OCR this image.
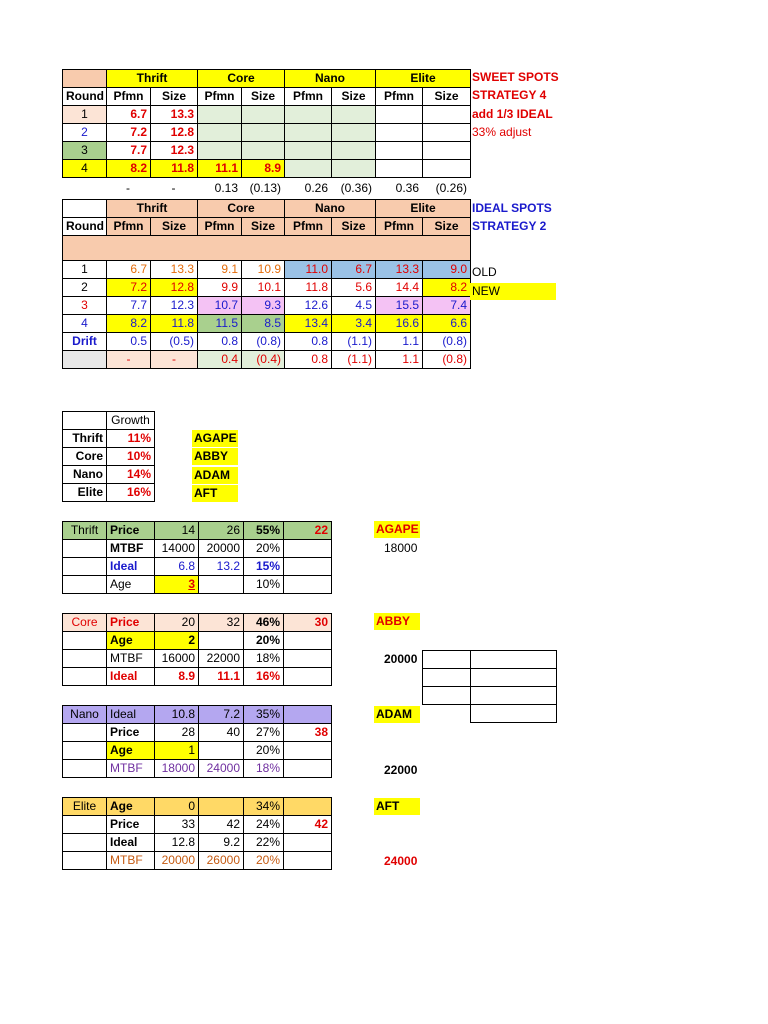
	Thrift		Core		Nano		Elite	
Round	Pfmn	Size	Pfmn	Size	Pfmn	Size	Pfmn	Size
1	6.7	13.3						
2	7.2	12.8						
3	7.7	12.3						
4	8.2	11.8	11.1	8.9				
	-	-	0.13	(0.13)	0.26	(0.36)	0.36	(0.26)
SWEET SPOTS
STRATEGY 4
add 1/3 IDEAL
33% adjust
	Thrift		Core		Nano		Elite	
Round	Pfmn	Size	Pfmn	Size	Pfmn	Size	Pfmn	Size

1	6.7	13.3	9.1	10.9	11.0	6.7	13.3	9.0
2	7.2	12.8	9.9	10.1	11.8	5.6	14.4	8.2
3	7.7	12.3	10.7	9.3	12.6	4.5	15.5	7.4
4	8.2	11.8	11.5	8.5	13.4	3.4	16.6	6.6
Drift	0.5	(0.5)	0.8	(0.8)	0.8	(1.1)	1.1	(0.8)
	-	-	0.4	(0.4)	0.8	(1.1)	1.1	(0.8)
IDEAL SPOTS
STRATEGY 2
OLD
NEW
	Growth
Thrift	11%
Core	10%
Nano	14%
Elite	16%
AGAPE
ABBY
ADAM
AFT
Thrift	Price	14	26	55%	22
	MTBF	14000	20000	20%	
	Ideal	6.8	13.2	15%	
	Age	3		10%	
AGAPE
18000
Core	Price	20	32	46%	30
	Age	2		20%	
	MTBF	16000	22000	18%	
	Ideal	8.9	11.1	16%	
ABBY
20000

Nano	Ideal	10.8	7.2	35%	
	Price	28	40	27%	38
	Age	1		20%	
	MTBF	18000	24000	18%	
ADAM
22000
Elite	Age	0		34%	
	Price	33	42	24%	42
	Ideal	12.8	9.2	22%	
	MTBF	20000	26000	20%	
AFT
24000
